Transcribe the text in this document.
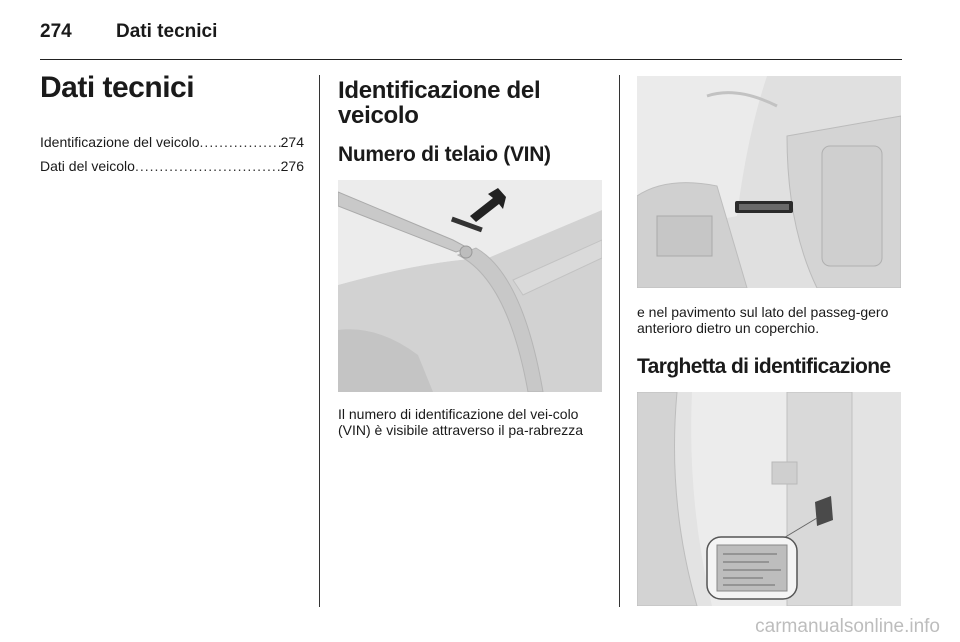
274	Dati tecnici
Dati tecnici
Identificazione del veicolo .....	274
Dati del veicolo .....	276
Identificazione del veicolo
Numero di telaio (VIN)

Il numero di identificazione del vei-colo (VIN) è visibile attraverso il pa-rabrezza

e nel pavimento sul lato del passeg-gero anterioro dietro un coperchio.

Targhetta di identificazione
carmanualsonline.info
